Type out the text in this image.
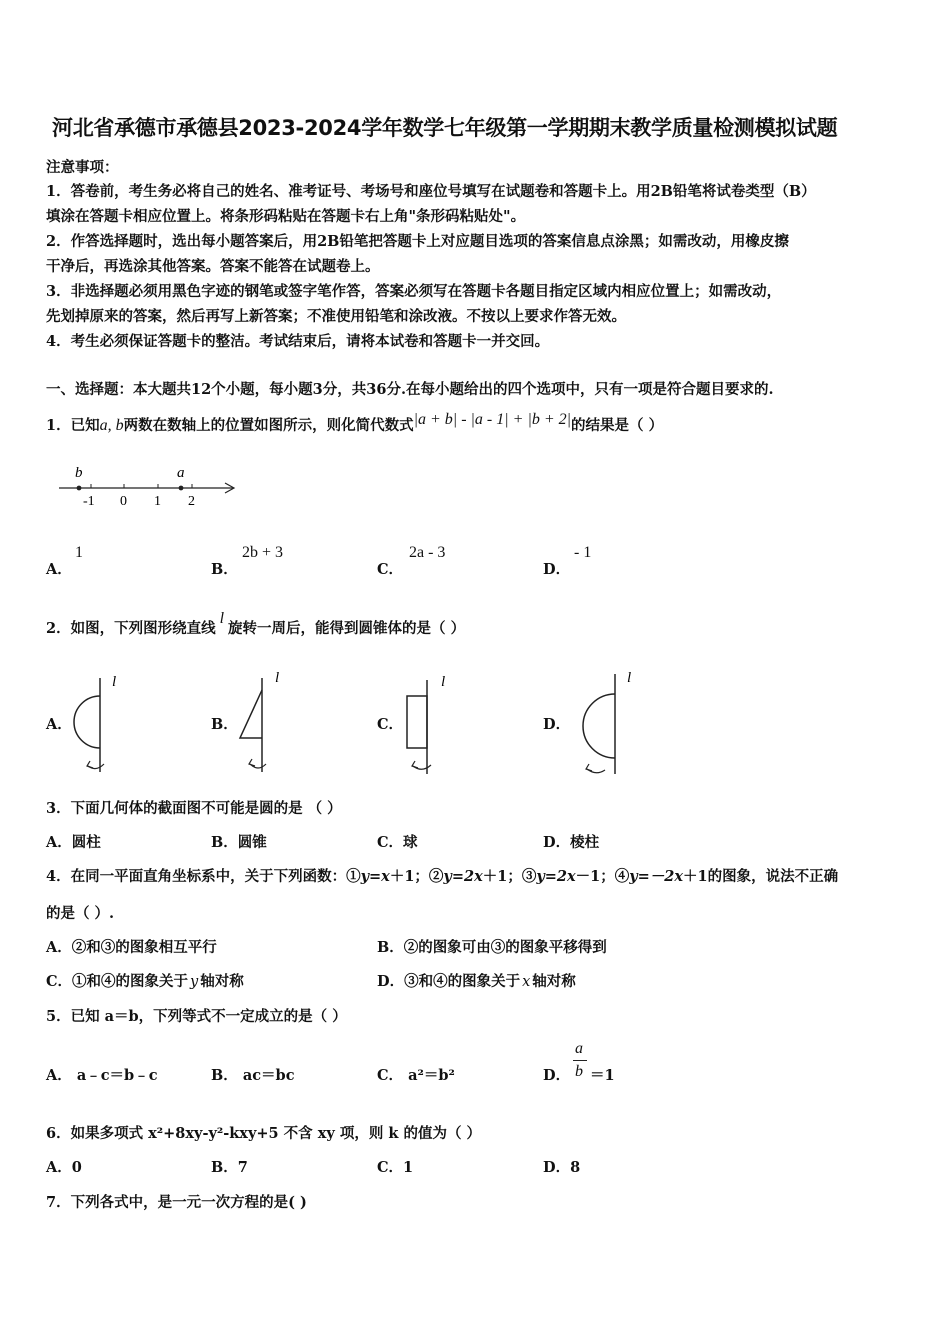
河北省承德市承德县2023-2024学年数学七年级第一学期期末教学质量检测模拟试题
注意事项：
1．答卷前，考生务必将自己的姓名、准考证号、考场号和座位号填写在试题卷和答题卡上。用2B铅笔将试卷类型（B）
填涂在答题卡相应位置上。将条形码粘贴在答题卡右上角"条形码粘贴处"。
2．作答选择题时，选出每小题答案后，用2B铅笔把答题卡上对应题目选项的答案信息点涂黑；如需改动，用橡皮擦
干净后，再选涂其他答案。答案不能答在试题卷上。
3．非选择题必须用黑色字迹的钢笔或签字笔作答，答案必须写在答题卡各题目指定区域内相应位置上；如需改动，
先划掉原来的答案，然后再写上新答案；不准使用铅笔和涂改液。不按以上要求作答无效。
4．考生必须保证答题卡的整洁。考试结束后，请将本试卷和答题卡一并交回。
一、选择题：本大题共12个小题，每小题3分，共36分.在每小题给出的四个选项中，只有一项是符合题目要求的.
1．已知a, b两数在数轴上的位置如图所示，则化简代数式|a + b| - |a - 1| + |b + 2|的结果是（ ）
b	a
-1 0 1 2
A．
1
B．
2b + 3
C．
2a - 3
D．
- 1
2．如图，下列图形绕直线l旋转一周后，能得到圆锥体的是（ ）
A．
l
B．
l
C．
l
D．
l
3．下面几何体的截面图不可能是圆的是 （ ）
A．圆柱	B．圆锥	C．球	D．棱柱
4．在同一平面直角坐标系中，关于下列函数：①y=x＋1；②y=2x＋1；③y=2x－1；④y=－2x＋1的图象，说法不正确
的是（ ）.
A．②和③的图象相互平行	B．②的图象可由③的图象平移得到
C．①和④的图象关于 y 轴对称	D．③和④的图象关于 x 轴对称
5．已知 a＝b，下列等式不一定成立的是（ ）
A． a﹣c＝b﹣c	B． ac＝bc	C． a²＝b²	D．
a
b ＝1
6．如果多项式 x²+8xy-y²-kxy+5 不含 xy 项，则 k 的值为（ ）
A．0	B．7	C．1	D．8
7．下列各式中，是一元一次方程的是( )
